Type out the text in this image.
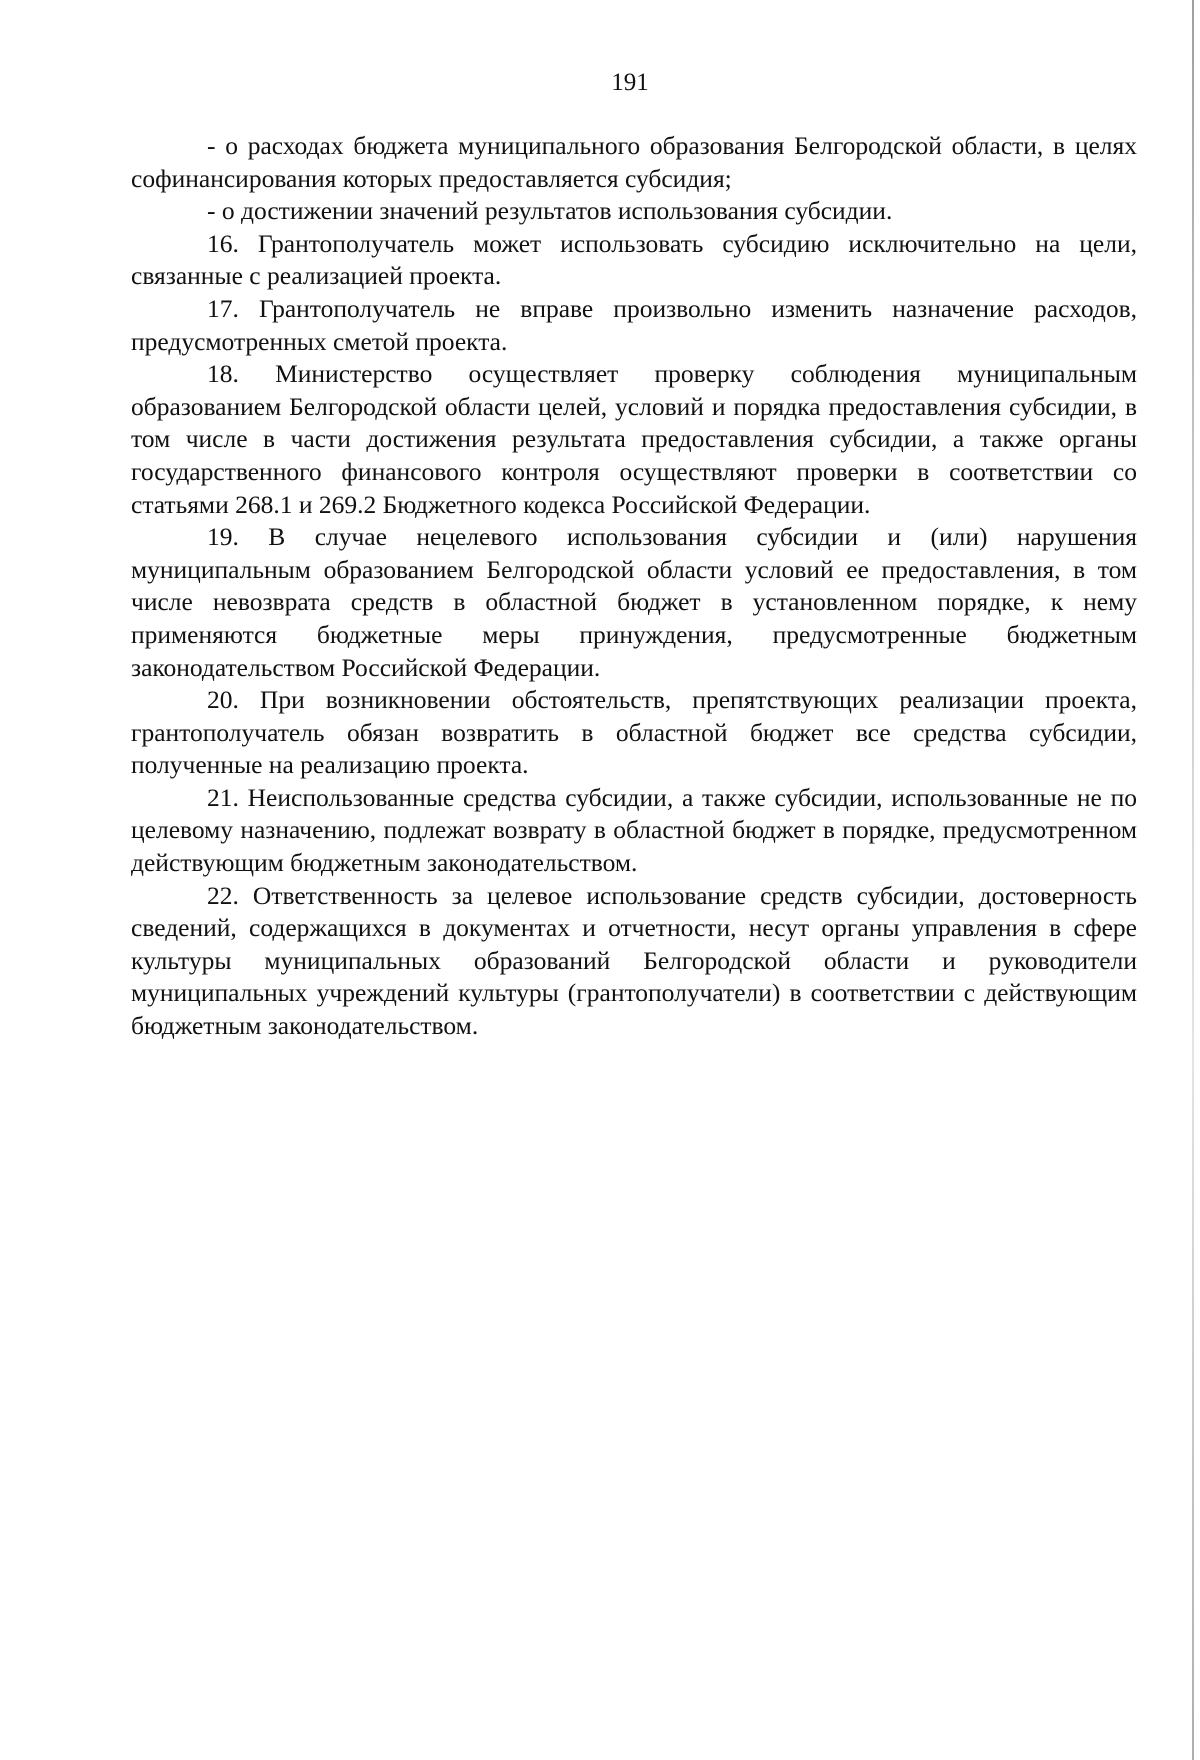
191

- о расходах бюджета муниципального образования Белгородской области, в целях софинансирования которых предоставляется субсидия;

- о достижении значений результатов использования субсидии.

16. Грантополучатель может использовать субсидию исключительно на цели, связанные с реализацией проекта.

17. Грантополучатель не вправе произвольно изменить назначение расходов, предусмотренных сметой проекта.

18. Министерство осуществляет проверку соблюдения муниципальным образованием Белгородской области целей, условий и порядка предоставления субсидии, в том числе в части достижения результата предоставления субсидии, а также органы государственного финансового контроля осуществляют проверки в соответствии со статьями 268.1 и 269.2 Бюджетного кодекса Российской Федерации.

19. В случае нецелевого использования субсидии и (или) нарушения муниципальным образованием Белгородской области условий ее предоставления, в том числе невозврата средств в областной бюджет в установленном порядке, к нему применяются бюджетные меры принуждения, предусмотренные бюджетным законодательством Российской Федерации.

20. При возникновении обстоятельств, препятствующих реализации проекта, грантополучатель обязан возвратить в областной бюджет все средства субсидии, полученные на реализацию проекта.

21. Неиспользованные средства субсидии, а также субсидии, использованные не по целевому назначению, подлежат возврату в областной бюджет в порядке, предусмотренном действующим бюджетным законодательством.

22. Ответственность за целевое использование средств субсидии, достоверность сведений, содержащихся в документах и отчетности, несут органы управления в сфере культуры муниципальных образований Белгородской области и руководители муниципальных учреждений культуры (грантополучатели) в соответствии с действующим бюджетным законодательством.
